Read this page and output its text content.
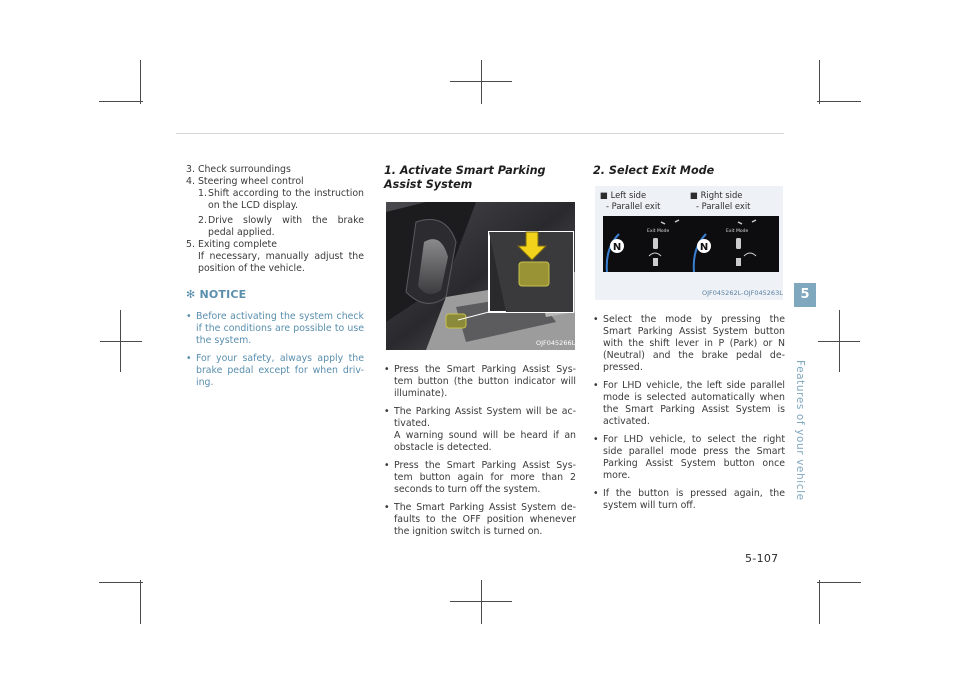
3. Check surroundings

4. Steering wheel control

1. Shift according to the instruction on the LCD display.
2. Drive slowly with the brake pedal applied.

5. Exiting complete

If necessary, manually adjust the position of the vehicle.

✻ NOTICE
• Before activating the system check if the conditions are possible to use the system.
• For your safety, always apply the brake pedal except for when driv- ing.
1. Activate Smart Parking Assist System
OJF045266L
• Press the Smart Parking Assist Sys- tem button (the button indicator will illuminate).
• The Parking Assist System will be ac- tivated.
A warning sound will be heard if an obstacle is detected.
• Press the Smart Parking Assist Sys- tem button again for more than 2 seconds to turn off the system.
• The Smart Parking Assist System de- faults to the OFF position whenever the ignition switch is turned on.
2. Select Exit Mode
■ Left side
- Parallel exit
■ Right side
- Parallel exit
N
Exit Mode
N
Exit Mode
OJF045262L-OJF045263L
• Select the mode by pressing the Smart Parking Assist System button with the shift lever in P (Park) or N (Neutral) and the brake pedal de- pressed.
• For LHD vehicle, the left side parallel mode is selected automatically when the Smart Parking Assist System is activated.
• For LHD vehicle, to select the right side parallel mode press the Smart Parking Assist System button once more.
• If the button is pressed again, the system will turn off.
5
Features of your vehicle
5-107
